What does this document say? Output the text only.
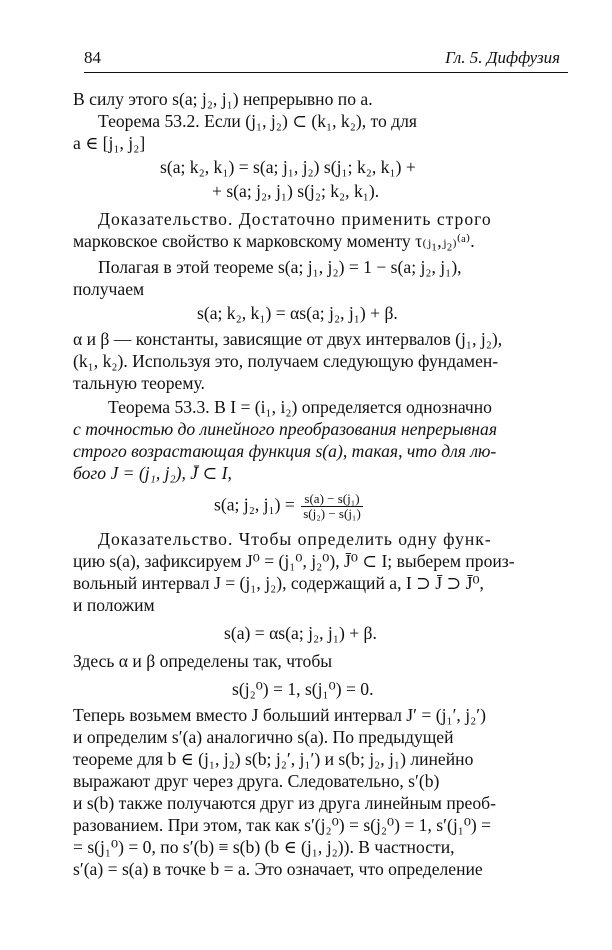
84	Гл. 5. Диффузия
В силу этого s(a; j₂, j₁) непрерывно по a.
Теорема 53.2. Если (j₁, j₂) ⊂ (k₁, k₂), то для
a ∈ [j₁, j₂]
s(a; k₂, k₁) = s(a; j₁, j₂) s(j₁; k₂, k₁) +
+ s(a; j₂, j₁) s(j₂; k₂, k₁).
Доказательство. Достаточно применить строго
марковское свойство к марковскому моменту τ₍ⱼ₁,ⱼ₂₎⁽ᵃ⁾.
Полагая в этой теореме s(a; j₁, j₂) = 1 − s(a; j₂, j₁),
получаем
s(a; k₂, k₁) = αs(a; j₂, j₁) + β.
α и β — константы, зависящие от двух интервалов (j₁, j₂),
(k₁, k₂). Используя это, получаем следующую фундамен-
тальную теорему.
Теорема 53.3. В I = (i₁, i₂) определяется однозначно
с точностью до линейного преобразования непрерывная
строго возрастающая функция s(a), такая, что для лю-
бого J = (j₁, j₂), J̄ ⊂ I,
s(a; j₂, $j_1) = \frac{\text{s(a) − s(j₁)}}{\text{s(j₂) − s(j₁)}}$
Доказательство. Чтобы определить одну функ-
цию s(a), зафиксируем J⁰ = (j₁⁰, j₂⁰), J̄⁰ ⊂ I; выберем произ-
вольный интервал J = (j₁, j₂), содержащий a, I ⊃ J̄ ⊃ J̄⁰,
и положим
s(a) = αs(a; j₂, j₁) + β.
Здесь α и β определены так, чтобы
s(j₂⁰) = 1, s(j₁⁰) = 0.
Теперь возьмем вместо J больший интервал J′ = (j₁′, j₂′)
и определим s′(a) аналогично s(a). По предыдущей
теореме для b ∈ (j₁, j₂) s(b; j₂′, j₁′) и s(b; j₂, j₁) линейно
выражают друг через друга. Следовательно, s′(b)
и s(b) также получаются друг из друга линейным преоб-
разованием. При этом, так как s′(j₂⁰) = s(j₂⁰) = 1, s′(j₁⁰) =
= s(j₁⁰) = 0, по s′(b) ≡ s(b) (b ∈ (j₁, j₂)). В частности,
s′(a) = s(a) в точке b = a. Это означает, что определение
